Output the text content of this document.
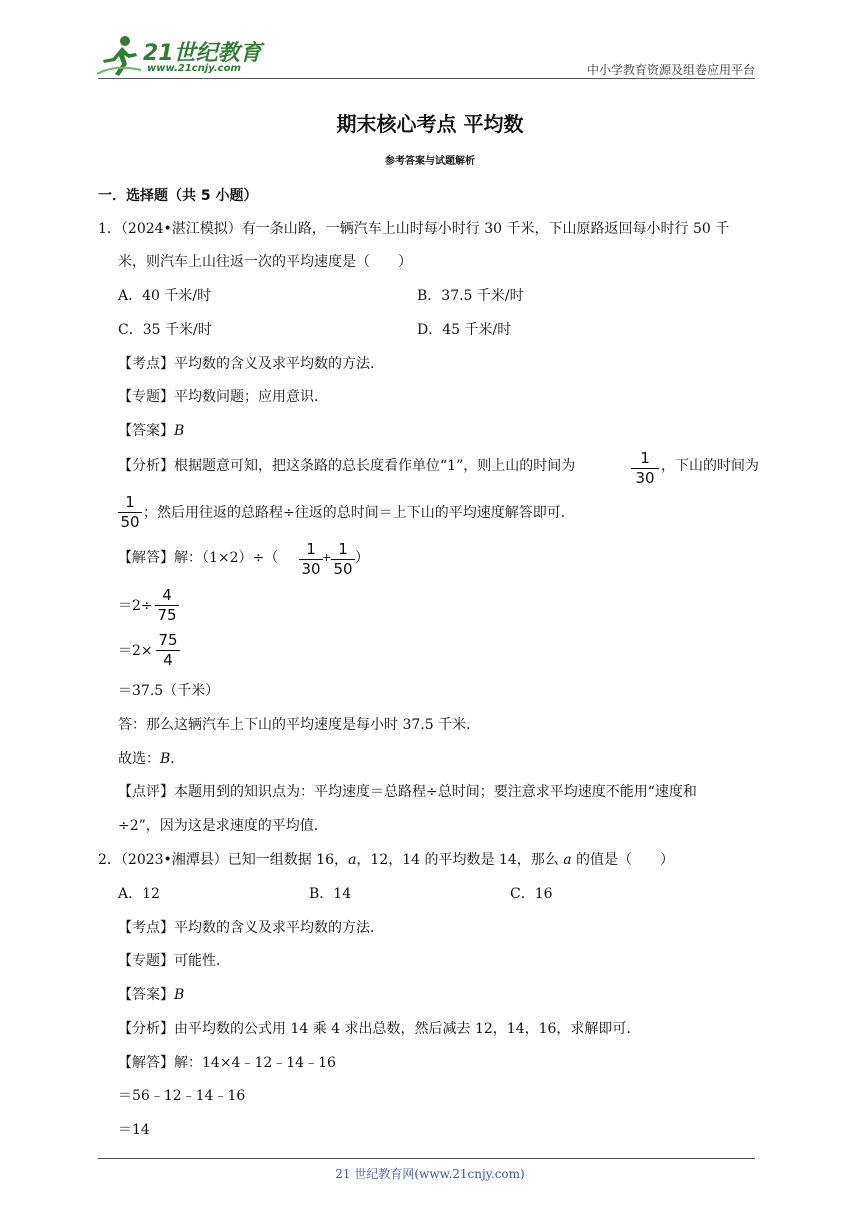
21世纪教育
www.21cnjy.com	中小学教育资源及组卷应用平台
期末核心考点 平均数
参考答案与试题解析
一．选择题（共 5 小题）
1．（2024•湛江模拟）有一条山路，一辆汽车上山时每小时行 30 千米，下山原路返回每小时行 50 千
米，则汽车上山往返一次的平均速度是（　　）
A．40 千米/时	B．37.5 千米/时
C．35 千米/时	D．45 千米/时
【考点】平均数的含义及求平均数的方法．
【专题】平均数问题；应用意识．
【答案】B
【分析】根据题意可知，把这条路的总长度看作单位“1”，则上山的时间为	1
30
，下山的时间为
1
50 ；然后用往返的总路程÷往返的总时间＝上下山的平均速度解答即可．
【解答】解：（1×2）÷（	1
30
+ 1
50
）
＝2÷
4
75
＝2×
75
4
＝37.5（千米）
答：那么这辆汽车上下山的平均速度是每小时 37.5 千米．
故选：B．
【点评】本题用到的知识点为：平均速度＝总路程÷总时间；要注意求平均速度不能用“速度和
÷2”，因为这是求速度的平均值．
2．（2023•湘潭县）已知一组数据 16，a，12，14 的平均数是 14，那么 a 的值是（　　）
A．12	B．14	C．16
【考点】平均数的含义及求平均数的方法．
【专题】可能性．
【答案】B
【分析】由平均数的公式用 14 乘 4 求出总数，然后减去 12，14，16，求解即可．
【解答】解：14×4﹣12﹣14﹣16
＝56﹣12﹣14﹣16
＝14
21 世纪教育网(www.21cnjy.com)
